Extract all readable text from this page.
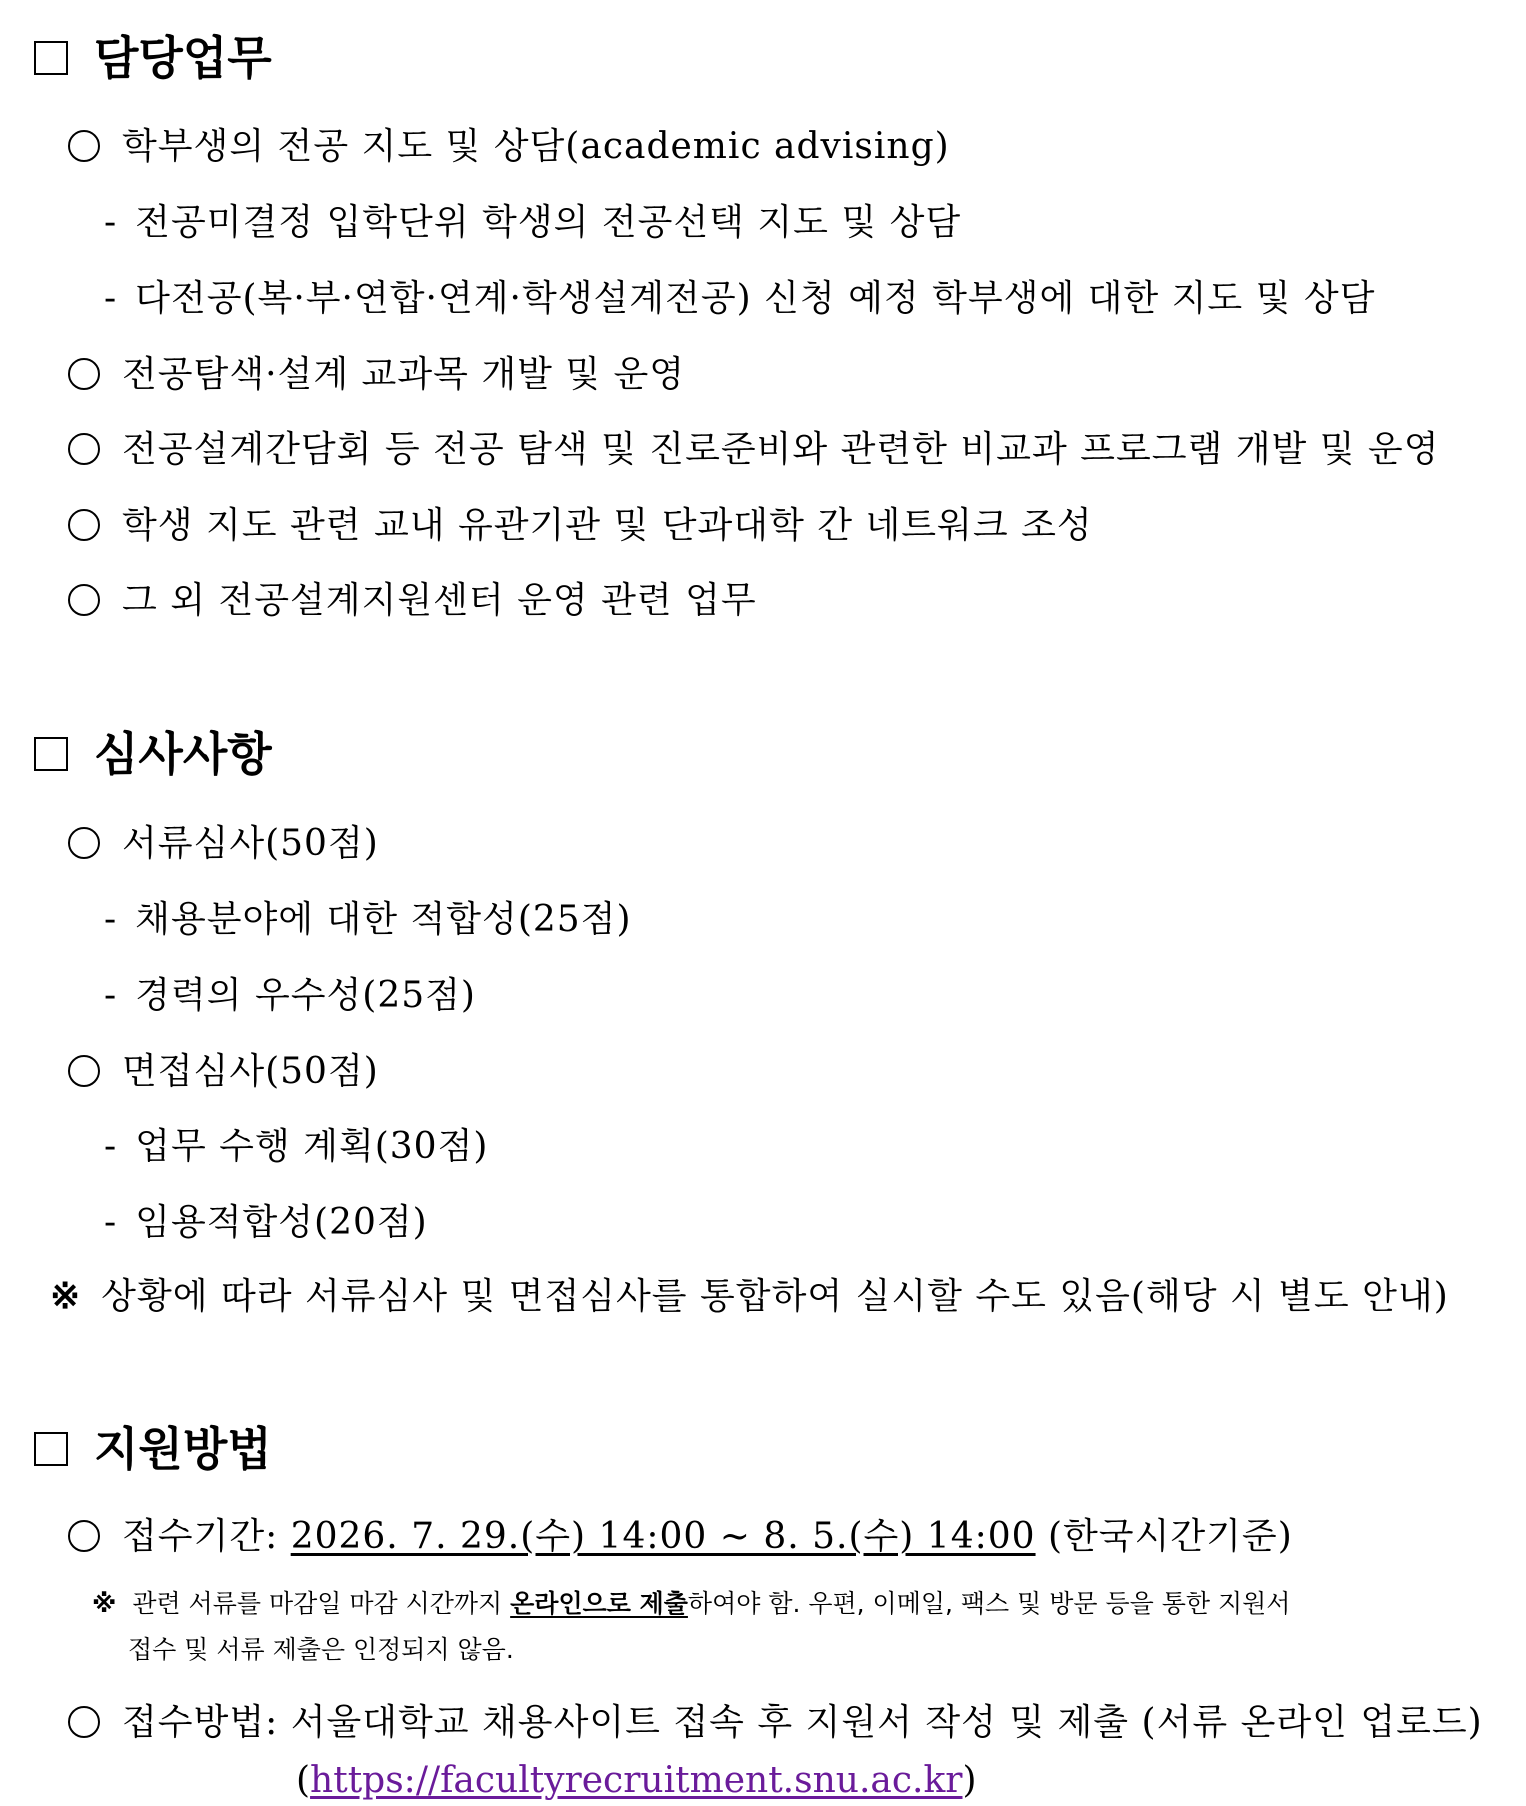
담당업무
학부생의 전공 지도 및 상담(academic advising)
- 전공미결정 입학단위 학생의 전공선택 지도 및 상담
- 다전공(복·부·연합·연계·학생설계전공) 신청 예정 학부생에 대한 지도 및 상담
전공탐색·설계 교과목 개발 및 운영
전공설계간담회 등 전공 탐색 및 진로준비와 관련한 비교과 프로그램 개발 및 운영
학생 지도 관련 교내 유관기관 및 단과대학 간 네트워크 조성
그 외 전공설계지원센터 운영 관련 업무
심사사항
서류심사(50점)
- 채용분야에 대한 적합성(25점)
- 경력의 우수성(25점)
면접심사(50점)
- 업무 수행 계획(30점)
- 임용적합성(20점)
※ 상황에 따라 서류심사 및 면접심사를 통합하여 실시할 수도 있음(해당 시 별도 안내)
지원방법
접수기간: 2026. 7. 29.(수) 14:00 ~ 8. 5.(수) 14:00 (한국시간기준)
※ 관련 서류를 마감일 마감 시간까지 온라인으로 제출하여야 함. 우편, 이메일, 팩스 및 방문 등을 통한 지원서
접수 및 서류 제출은 인정되지 않음.
접수방법: 서울대학교 채용사이트 접속 후 지원서 작성 및 제출 (서류 온라인 업로드)
(https://facultyrecruitment.snu.ac.kr)
